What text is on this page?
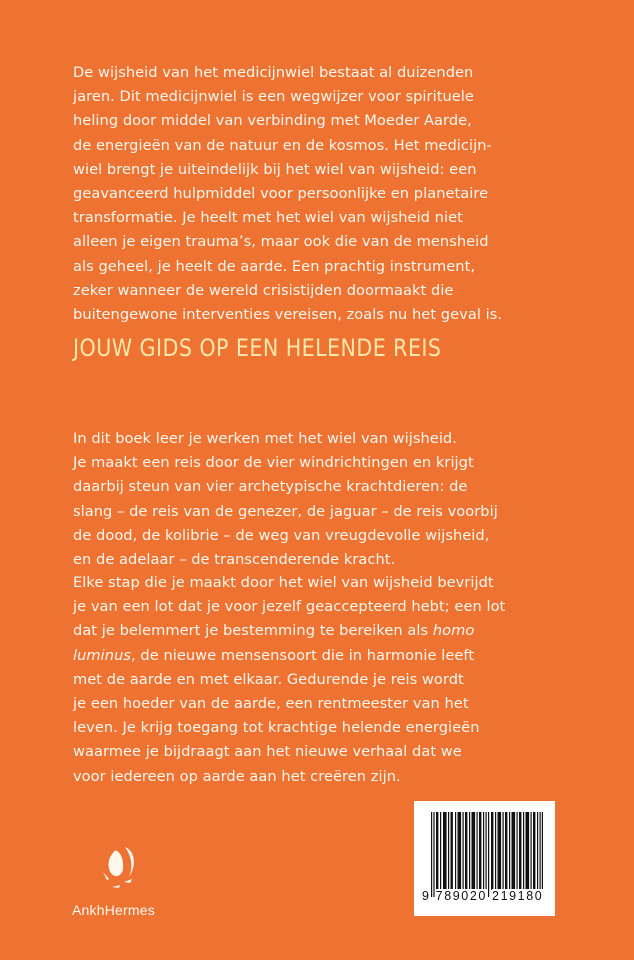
De wijsheid van het medicijnwiel bestaat al duizenden
jaren. Dit medicijnwiel is een wegwijzer voor spirituele
heling door middel van verbinding met Moeder Aarde,
de energieën van de natuur en de kosmos. Het medicijn-
wiel brengt je uiteindelijk bij het wiel van wijsheid: een
geavanceerd hulpmiddel voor persoonlijke en planetaire
transformatie. Je heelt met het wiel van wijsheid niet
alleen je eigen trauma’s, maar ook die van de mensheid
als geheel, je heelt de aarde. Een prachtig instrument,
zeker wanneer de wereld crisistijden doormaakt die
buitengewone interventies vereisen, zoals nu het geval is.
JOUW GIDS OP EEN HELENDE REIS
In dit boek leer je werken met het wiel van wijsheid.
Je maakt een reis door de vier windrichtingen en krijgt
daarbij steun van vier archetypische krachtdieren: de
slang – de reis van de genezer, de jaguar – de reis voorbij
de dood, de kolibrie – de weg van vreugdevolle wijsheid,
en de adelaar – de transcenderende kracht.
Elke stap die je maakt door het wiel van wijsheid bevrijdt
je van een lot dat je voor jezelf geaccepteerd hebt; een lot
dat je belemmert je bestemming te bereiken als homo
luminus, de nieuwe mensensoort die in harmonie leeft
met de aarde en met elkaar. Gedurende je reis wordt
je een hoeder van de aarde, een rentmeester van het
leven. Je krijg toegang tot krachtige helende energieën
waarmee je bijdraagt aan het nieuwe verhaal dat we
voor iedereen op aarde aan het creëren zijn.
AnkhHermes
9 789020 219180
